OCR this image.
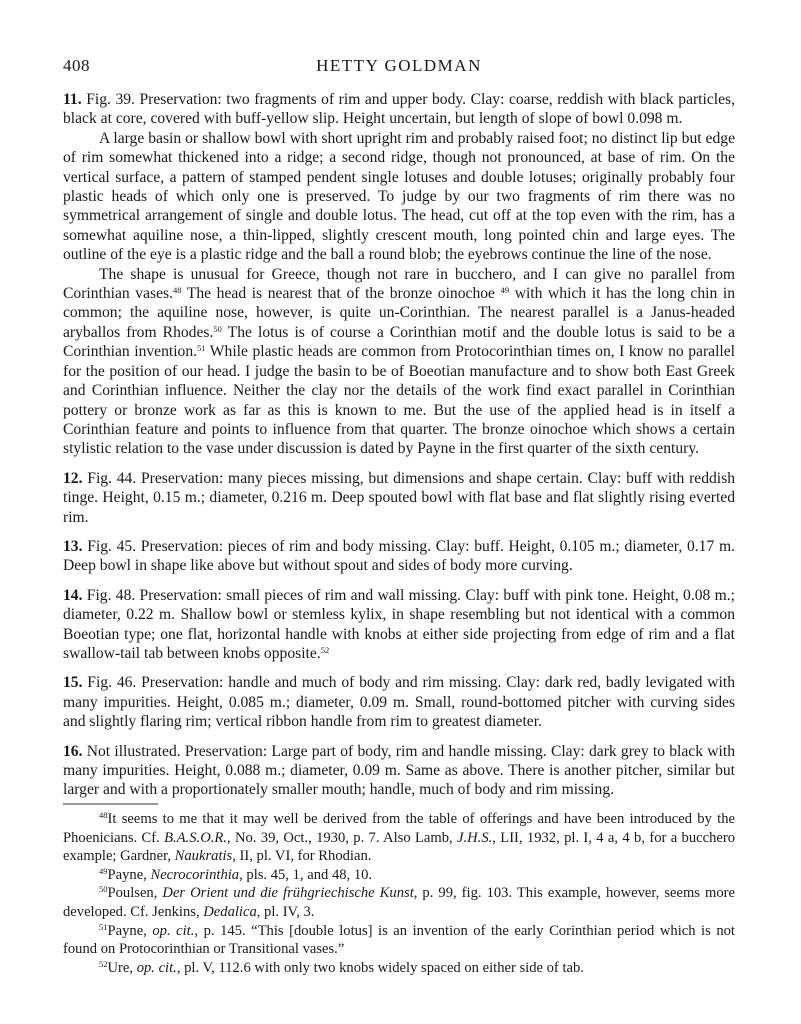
408	HETTY GOLDMAN

11. Fig. 39. Preservation: two fragments of rim and upper body. Clay: coarse, reddish with black particles, black at core, covered with buff-yellow slip. Height uncertain, but length of slope of bowl 0.098 m.

A large basin or shallow bowl with short upright rim and probably raised foot; no distinct lip but edge of rim somewhat thickened into a ridge; a second ridge, though not pronounced, at base of rim. On the vertical surface, a pattern of stamped pendent single lotuses and double lotuses; originally probably four plastic heads of which only one is preserved. To judge by our two fragments of rim there was no symmetrical arrangement of single and double lotus. The head, cut off at the top even with the rim, has a somewhat aquiline nose, a thin-lipped, slightly crescent mouth, long pointed chin and large eyes. The outline of the eye is a plastic ridge and the ball a round blob; the eyebrows continue the line of the nose.

The shape is unusual for Greece, though not rare in bucchero, and I can give no parallel from Corinthian vases.$^{48}$ The head is nearest that of the bronze oinochoe $^{49}$ with which it has the long chin in common; the aquiline nose, however, is quite un-Corinthian. The nearest parallel is a Janus-headed aryballos from Rhodes.$^{50}$ The lotus is of course a Corinthian motif and the double lotus is said to be a Corinthian invention.$^{51}$ While plastic heads are common from Protocorinthian times on, I know no parallel for the position of our head. I judge the basin to be of Boeotian manufacture and to show both East Greek and Corinthian influence. Neither the clay nor the details of the work find exact parallel in Corinthian pottery or bronze work as far as this is known to me. But the use of the applied head is in itself a Corinthian feature and points to influence from that quarter. The bronze oinochoe which shows a certain stylistic relation to the vase under discussion is dated by Payne in the first quarter of the sixth century.

12. Fig. 44. Preservation: many pieces missing, but dimensions and shape certain. Clay: buff with reddish tinge. Height, 0.15 m.; diameter, 0.216 m. Deep spouted bowl with flat base and flat slightly rising everted rim.

13. Fig. 45. Preservation: pieces of rim and body missing. Clay: buff. Height, 0.105 m.; diameter, 0.17 m. Deep bowl in shape like above but without spout and sides of body more curving.

14. Fig. 48. Preservation: small pieces of rim and wall missing. Clay: buff with pink tone. Height, 0.08 m.; diameter, 0.22 m. Shallow bowl or stemless kylix, in shape resembling but not identical with a common Boeotian type; one flat, horizontal handle with knobs at either side projecting from edge of rim and a flat swallow-tail tab between knobs opposite.$^{52}$

15. Fig. 46. Preservation: handle and much of body and rim missing. Clay: dark red, badly levigated with many impurities. Height, 0.085 m.; diameter, 0.09 m. Small, round-bottomed pitcher with curving sides and slightly flaring rim; vertical ribbon handle from rim to greatest diameter.

16. Not illustrated. Preservation: Large part of body, rim and handle missing. Clay: dark grey to black with many impurities. Height, 0.088 m.; diameter, 0.09 m. Same as above. There is another pitcher, similar but larger and with a proportionately smaller mouth; handle, much of body and rim missing.

$^{48}$It seems to me that it may well be derived from the table of offerings and have been introduced by the Phoenicians. Cf. B.A.S.O.R., No. 39, Oct., 1930, p. 7. Also Lamb, J.H.S., LII, 1932, pl. I, 4 a, 4 b, for a bucchero example; Gardner, Naukratis, II, pl. VI, for Rhodian.

$^{49}$Payne, Necrocorinthia, pls. 45, 1, and 48, 10.

$^{50}$Poulsen, Der Orient und die frühgriechische Kunst, p. 99, fig. 103. This example, however, seems more developed. Cf. Jenkins, Dedalica, pl. IV, 3.

$^{51}$Payne, op. cit., p. 145. “This [double lotus] is an invention of the early Corinthian period which is not found on Protocorinthian or Transitional vases.”

$^{52}$Ure, op. cit., pl. V, 112.6 with only two knobs widely spaced on either side of tab.
